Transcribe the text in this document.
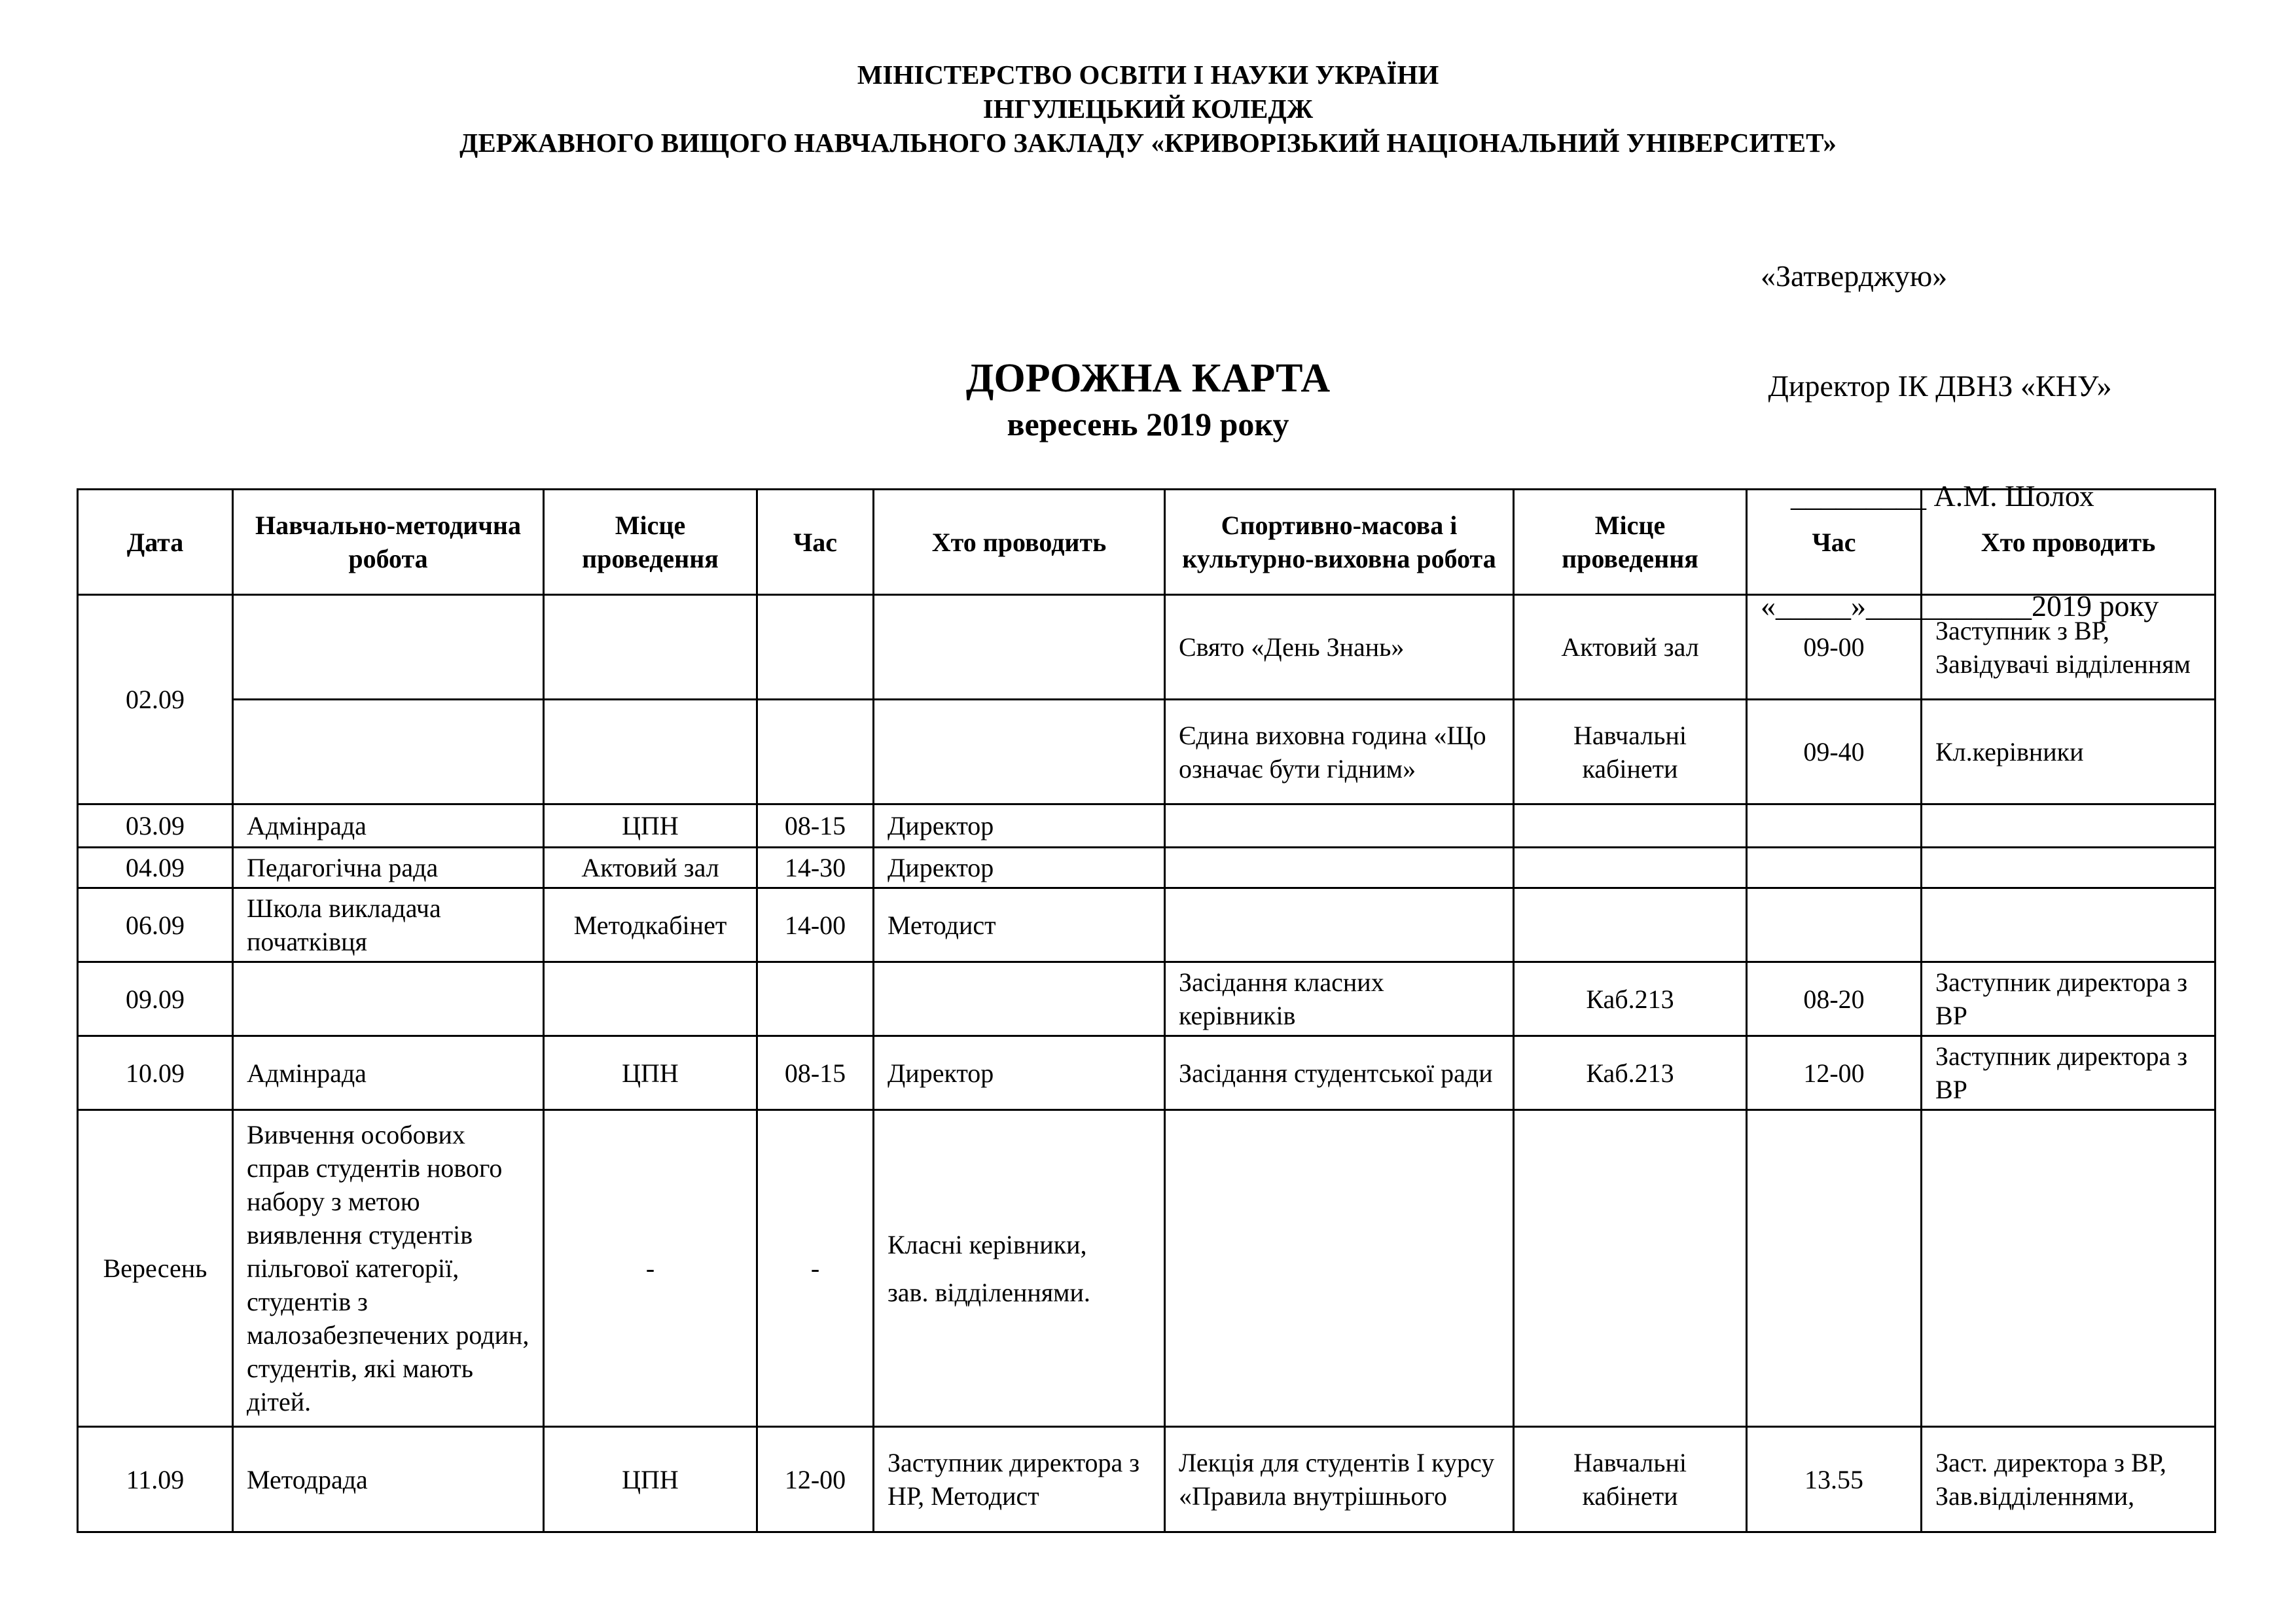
МІНІСТЕРСТВО ОСВІТИ І НАУКИ УКРАЇНИ
ІНГУЛЕЦЬКИЙ КОЛЕДЖ
ДЕРЖАВНОГО ВИЩОГО НАВЧАЛЬНОГО ЗАКЛАДУ «КРИВОРІЗЬКИЙ НАЦІОНАЛЬНИЙ УНІВЕРСИТЕТ»

«Затверджую»

Директор ІК ДВНЗ «КНУ»

_________ А.М. Шолох

«_____»___________2019 року

ДОРОЖНА КАРТА
вересень 2019 року
Дата	Навчально-методична робота	Місце проведення	Час	Хто проводить	Спортивно-масова і культурно-виховна робота	Місце проведення	Час	Хто проводить
02.09					Свято «День Знань»	Актовий зал	09-00	Заступник з ВР, Завідувачі відділенням
					Єдина виховна година «Що означає бути гідним»	Навчальні кабінети	09-40	Кл.керівники
03.09	Адмінрада	ЦПН	08-15	Директор				
04.09	Педагогічна рада	Актовий зал	14-30	Директор				
06.09	Школа викладача початківця	Методкабінет	14-00	Методист				
09.09					Засідання класних керівників	Каб.213	08-20	Заступник директора з ВР
10.09	Адмінрада	ЦПН	08-15	Директор	Засідання студентської ради	Каб.213	12-00	Заступник директора з ВР
Вересень	Вивчення особових справ студентів нового набору з метою виявлення студентів пільгової категорії, студентів з малозабезпечених родин, студентів, які мають дітей.	-	-	Класні керівники,
зав. відділеннями.				

11.09	Методрада	ЦПН	12-00	Заступник директора з НР, Методист	Лекція для студентів І курсу «Правила внутрішнього	Навчальні кабінети	13.55	Заст. директора з ВР, Зав.відділеннями,
